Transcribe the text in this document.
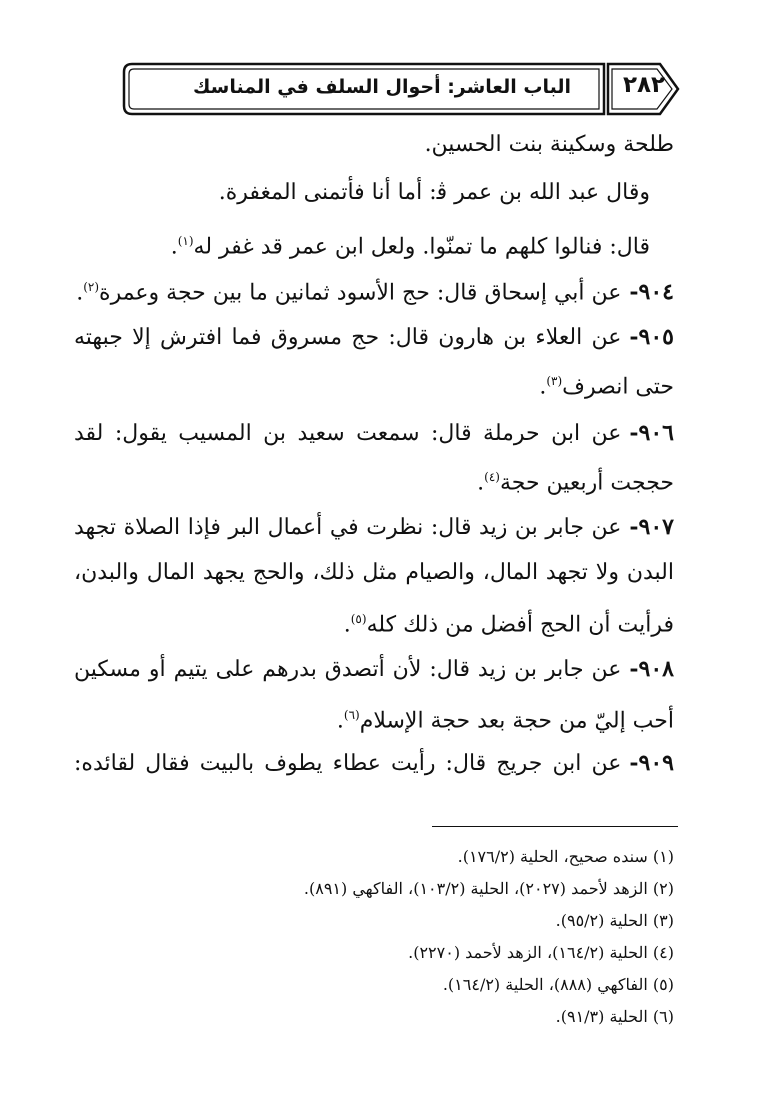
الباب العاشر: أحوال السلف في المناسك	٢٨٢
طلحة وسكينة بنت الحسين.
وقال عبد الله بن عمر ﭬ: أما أنا فأتمنى المغفرة.
قال: فنالوا كلهم ما تمنّوا. ولعل ابن عمر قد غفر له$^{(١)}$.
٩٠٤-عن أبي إسحاق قال: حج الأسود ثمانين ما بين حجة وعمرة$^{(٢)}$.
٩٠٥-عن العلاء بن هارون قال: حج مسروق فما افترش إلا جبهته
حتى انصرف$^{(٣)}$.
٩٠٦-عن ابن حرملة قال: سمعت سعيد بن المسيب يقول: لقد
حججت أربعين حجة$^{(٤)}$.
٩٠٧-عن جابر بن زيد قال: نظرت في أعمال البر فإذا الصلاة تجهد
البدن ولا تجهد المال، والصيام مثل ذلك، والحج يجهد المال والبدن،
فرأيت أن الحج أفضل من ذلك كله$^{(٥)}$.
٩٠٨-عن جابر بن زيد قال: لأن أتصدق بدرهم على يتيم أو مسكين
أحب إليّ من حجة بعد حجة الإسلام$^{(٦)}$.
٩٠٩-عن ابن جريج قال: رأيت عطاء يطوف بالبيت فقال لقائده:
(١) سنده صحيح، الحلية (١٧٦/٢).
(٢) الزهد لأحمد (٢٠٢٧)، الحلية (١٠٣/٢)، الفاكهي (٨٩١).
(٣) الحلية (٩٥/٢).
(٤) الحلية (١٦٤/٢)، الزهد لأحمد (٢٢٧٠).
(٥) الفاكهي (٨٨٨)، الحلية (١٦٤/٢).
(٦) الحلية (٩١/٣).
